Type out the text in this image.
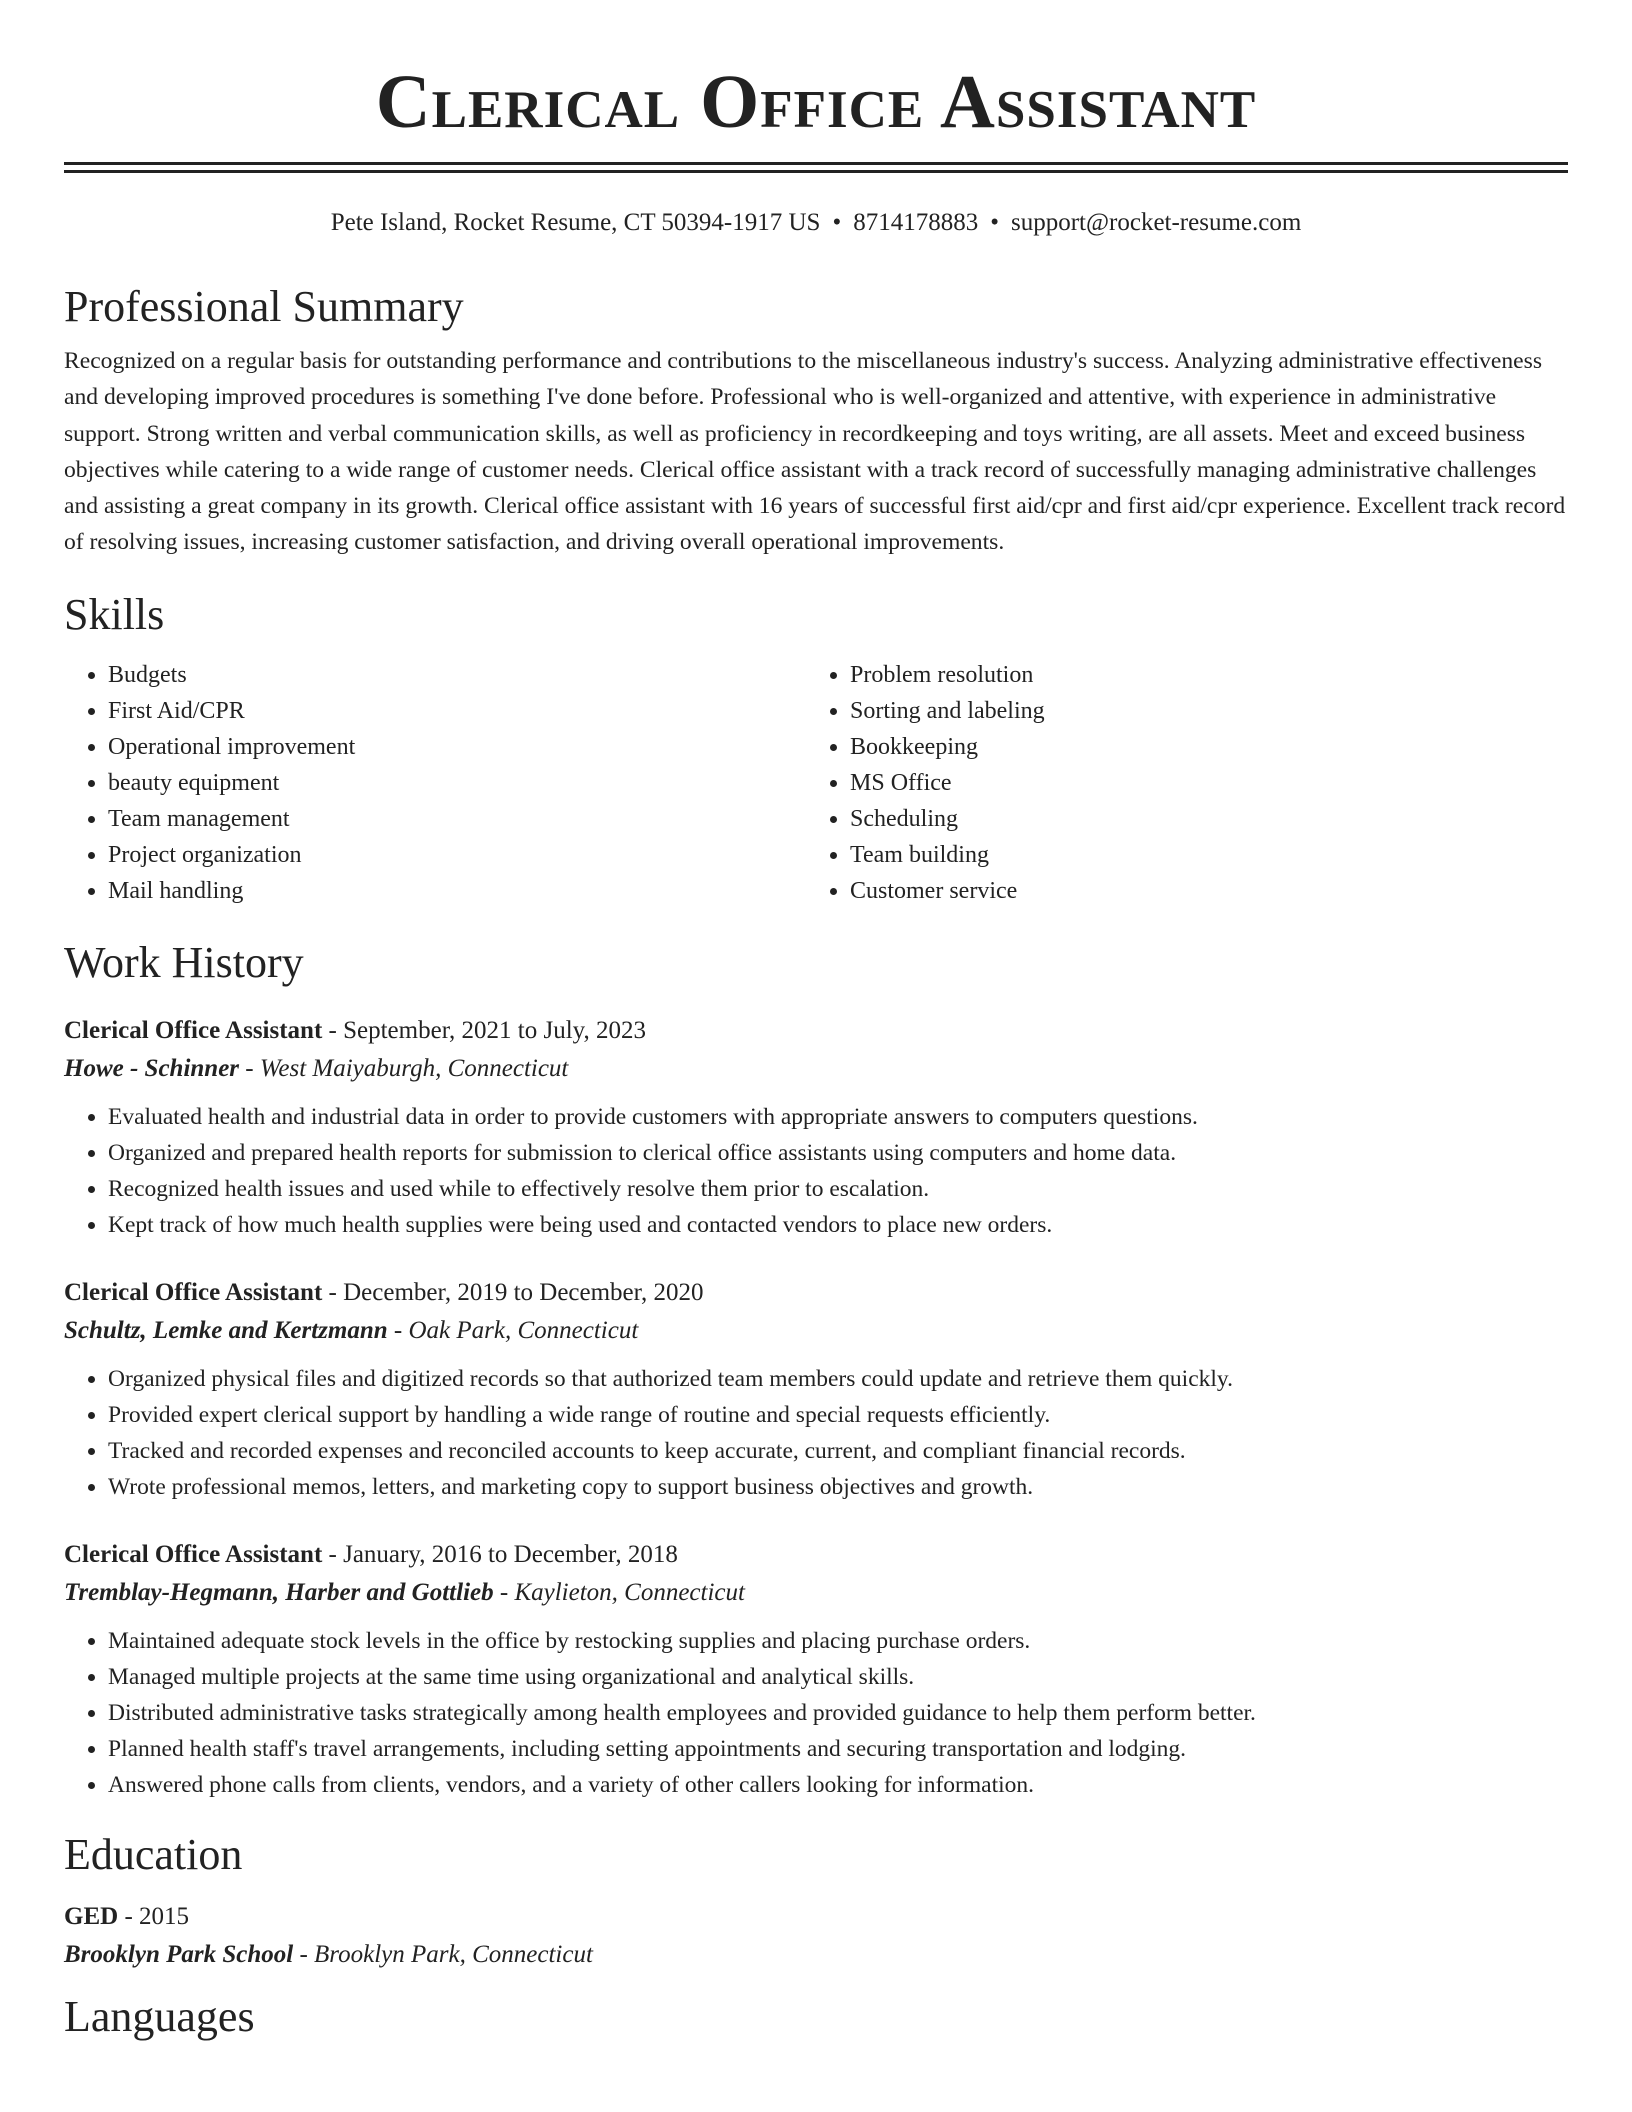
Clerical Office Assistant
Pete Island, Rocket Resume, CT 50394-1917 US • 8714178883 • support@rocket-resume.com
Professional Summary
Recognized on a regular basis for outstanding performance and contributions to the miscellaneous industry's success. Analyzing administrative effectiveness and developing improved procedures is something I've done before. Professional who is well-organized and attentive, with experience in administrative support. Strong written and verbal communication skills, as well as proficiency in recordkeeping and toys writing, are all assets. Meet and exceed business objectives while catering to a wide range of customer needs. Clerical office assistant with a track record of successfully managing administrative challenges and assisting a great company in its growth. Clerical office assistant with 16 years of successful first aid/cpr and first aid/cpr experience. Excellent track record of resolving issues, increasing customer satisfaction, and driving overall operational improvements.
Skills
• Budgets
• First Aid/CPR
• Operational improvement
• beauty equipment
• Team management
• Project organization
• Mail handling
• Problem resolution
• Sorting and labeling
• Bookkeeping
• MS Office
• Scheduling
• Team building
• Customer service
Work History
Clerical Office Assistant - September, 2021 to July, 2023
Howe - Schinner - West Maiyaburgh, Connecticut
• Evaluated health and industrial data in order to provide customers with appropriate answers to computers questions.
• Organized and prepared health reports for submission to clerical office assistants using computers and home data.
• Recognized health issues and used while to effectively resolve them prior to escalation.
• Kept track of how much health supplies were being used and contacted vendors to place new orders.
Clerical Office Assistant - December, 2019 to December, 2020
Schultz, Lemke and Kertzmann - Oak Park, Connecticut
• Organized physical files and digitized records so that authorized team members could update and retrieve them quickly.
• Provided expert clerical support by handling a wide range of routine and special requests efficiently.
• Tracked and recorded expenses and reconciled accounts to keep accurate, current, and compliant financial records.
• Wrote professional memos, letters, and marketing copy to support business objectives and growth.
Clerical Office Assistant - January, 2016 to December, 2018
Tremblay-Hegmann, Harber and Gottlieb - Kaylieton, Connecticut
• Maintained adequate stock levels in the office by restocking supplies and placing purchase orders.
• Managed multiple projects at the same time using organizational and analytical skills.
• Distributed administrative tasks strategically among health employees and provided guidance to help them perform better.
• Planned health staff's travel arrangements, including setting appointments and securing transportation and lodging.
• Answered phone calls from clients, vendors, and a variety of other callers looking for information.
Education
GED - 2015
Brooklyn Park School - Brooklyn Park, Connecticut
Languages
